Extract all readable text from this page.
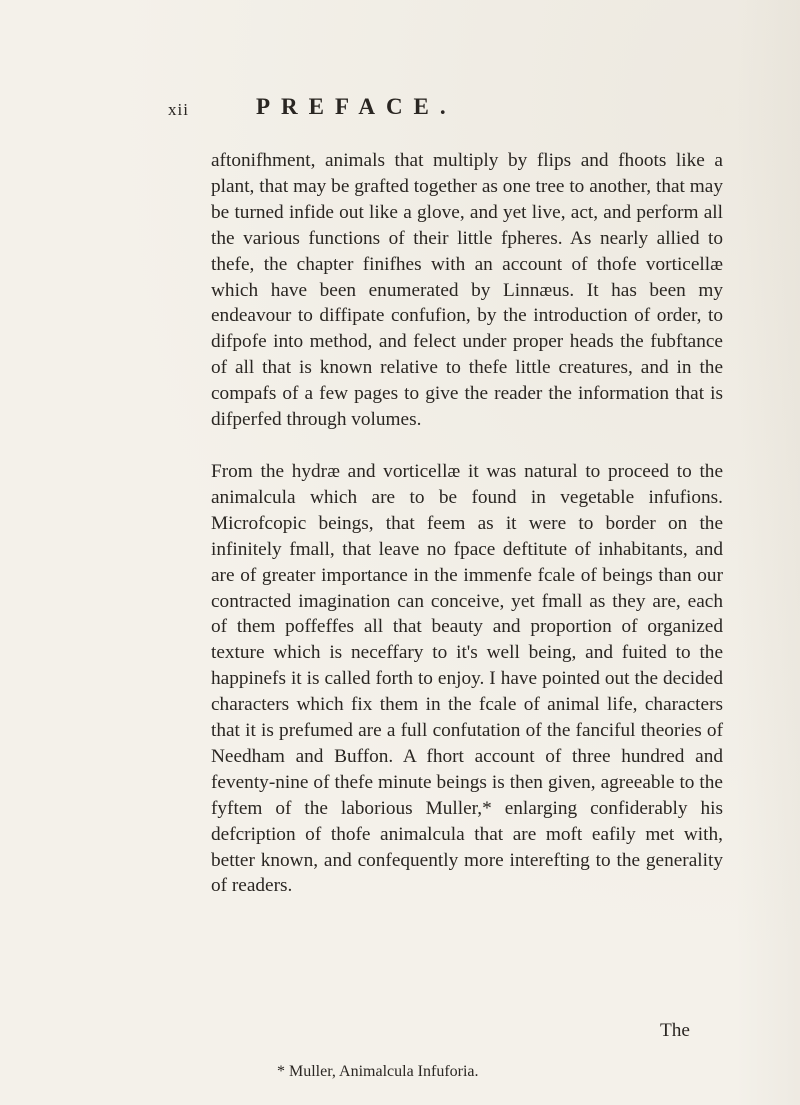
xii	PREFACE.

aftonifhment, animals that multiply by flips and fhoots like a plant, that may be grafted together as one tree to another, that may be turned infide out like a glove, and yet live, act, and perform all the various functions of their little fpheres. As nearly allied to thefe, the chapter finifhes with an account of thofe vorticellæ which have been enumerated by Linnæus. It has been my endeavour to diffipate confufion, by the introduction of order, to difpofe into method, and felect under proper heads the fubftance of all that is known relative to thefe little creatures, and in the compafs of a few pages to give the reader the information that is difperfed through volumes.

From the hydræ and vorticellæ it was natural to proceed to the animalcula which are to be found in vegetable infufions. Microfcopic beings, that feem as it were to border on the infinitely fmall, that leave no fpace deftitute of inhabitants, and are of greater importance in the immenfe fcale of beings than our contracted imagination can conceive, yet fmall as they are, each of them poffeffes all that beauty and proportion of organized texture which is neceffary to it's well being, and fuited to the happinefs it is called forth to enjoy. I have pointed out the decided characters which fix them in the fcale of animal life, characters that it is prefumed are a full confutation of the fanciful theories of Needham and Buffon. A fhort account of three hundred and feventy-nine of thefe minute beings is then given, agreeable to the fyftem of the laborious Muller,* enlarging confiderably his defcription of thofe animalcula that are moft eafily met with, better known, and confequently more interefting to the generality of readers.

The
* Muller, Animalcula Infuforia.
